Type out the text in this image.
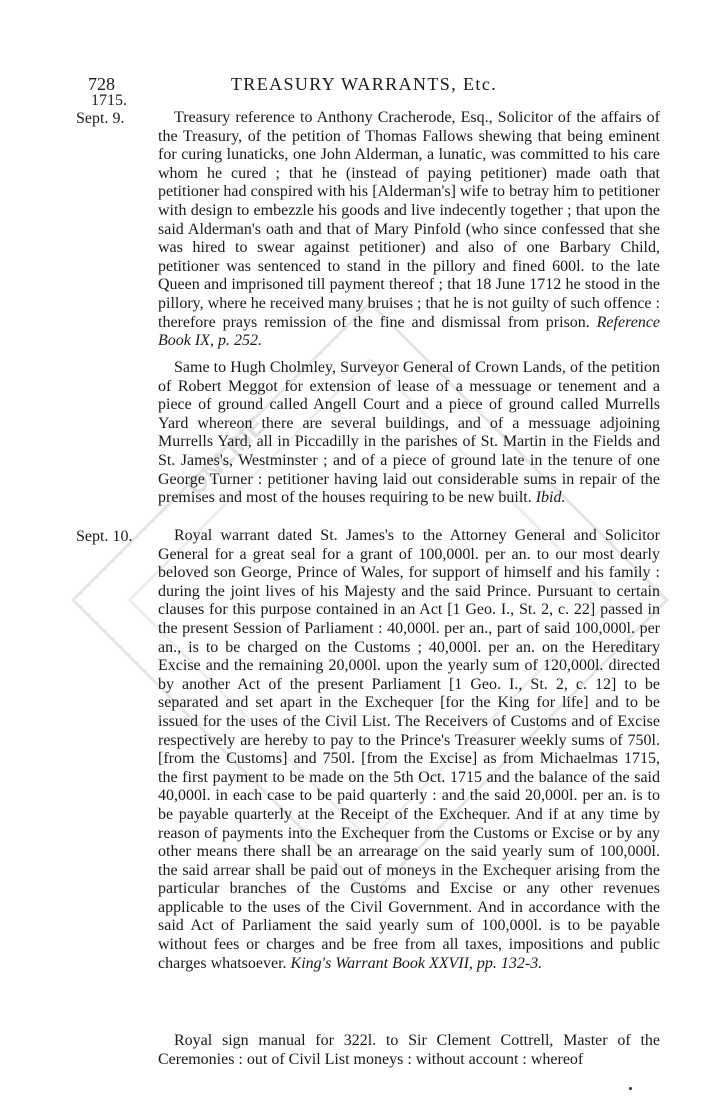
ONLINE
728	TREASURY WARRANTS, Etc.
1715.
Sept. 9.	Treasury reference to Anthony Cracherode, Esq., Solicitor of the affairs of the Treasury, of the petition of Thomas Fallows shewing that being eminent for curing lunaticks, one John Alderman, a lunatic, was committed to his care whom he cured ; that he (instead of paying petitioner) made oath that petitioner had conspired with his [Alderman's] wife to betray him to petitioner with design to embezzle his goods and live indecently together ; that upon the said Alderman's oath and that of Mary Pinfold (who since confessed that she was hired to swear against petitioner) and also of one Barbary Child, petitioner was sentenced to stand in the pillory and fined 600l. to the late Queen and imprisoned till payment thereof ; that 18 June 1712 he stood in the pillory, where he received many bruises ; that he is not guilty of such offence : therefore prays remission of the fine and dismissal from prison. Reference Book IX, p. 252.

Same to Hugh Cholmley, Surveyor General of Crown Lands, of the petition of Robert Meggot for extension of lease of a messuage or tenement and a piece of ground called Angell Court and a piece of ground called Murrells Yard whereon there are several buildings, and of a messuage adjoining Murrells Yard, all in Piccadilly in the parishes of St. Martin in the Fields and St. James's, Westminster ; and of a piece of ground late in the tenure of one George Turner : petitioner having laid out considerable sums in repair of the premises and most of the houses requiring to be new built. Ibid.

Sept. 10.	Royal warrant dated St. James's to the Attorney General and Solicitor General for a great seal for a grant of 100,000l. per an. to our most dearly beloved son George, Prince of Wales, for support of himself and his family : during the joint lives of his Majesty and the said Prince. Pursuant to certain clauses for this purpose contained in an Act [1 Geo. I., St. 2, c. 22] passed in the present Session of Parliament : 40,000l. per an., part of said 100,000l. per an., is to be charged on the Customs ; 40,000l. per an. on the Hereditary Excise and the remaining 20,000l. upon the yearly sum of 120,000l. directed by another Act of the present Parliament [1 Geo. I., St. 2, c. 12] to be separated and set apart in the Exchequer [for the King for life] and to be issued for the uses of the Civil List. The Receivers of Customs and of Excise respectively are hereby to pay to the Prince's Treasurer weekly sums of 750l. [from the Customs] and 750l. [from the Excise] as from Michaelmas 1715, the first payment to be made on the 5th Oct. 1715 and the balance of the said 40,000l. in each case to be paid quarterly : and the said 20,000l. per an. is to be payable quarterly at the Receipt of the Exchequer. And if at any time by reason of payments into the Exchequer from the Customs or Excise or by any other means there shall be an arrearage on the said yearly sum of 100,000l. the said arrear shall be paid out of moneys in the Exchequer arising from the particular branches of the Customs and Excise or any other revenues applicable to the uses of the Civil Government. And in accordance with the said Act of Parliament the said yearly sum of 100,000l. is to be payable without fees or charges and be free from all taxes, impositions and public charges whatsoever. King's Warrant Book XXVII, pp. 132-3.

Royal sign manual for 322l. to Sir Clement Cottrell, Master of the Ceremonies : out of Civil List moneys : without account : whereof
